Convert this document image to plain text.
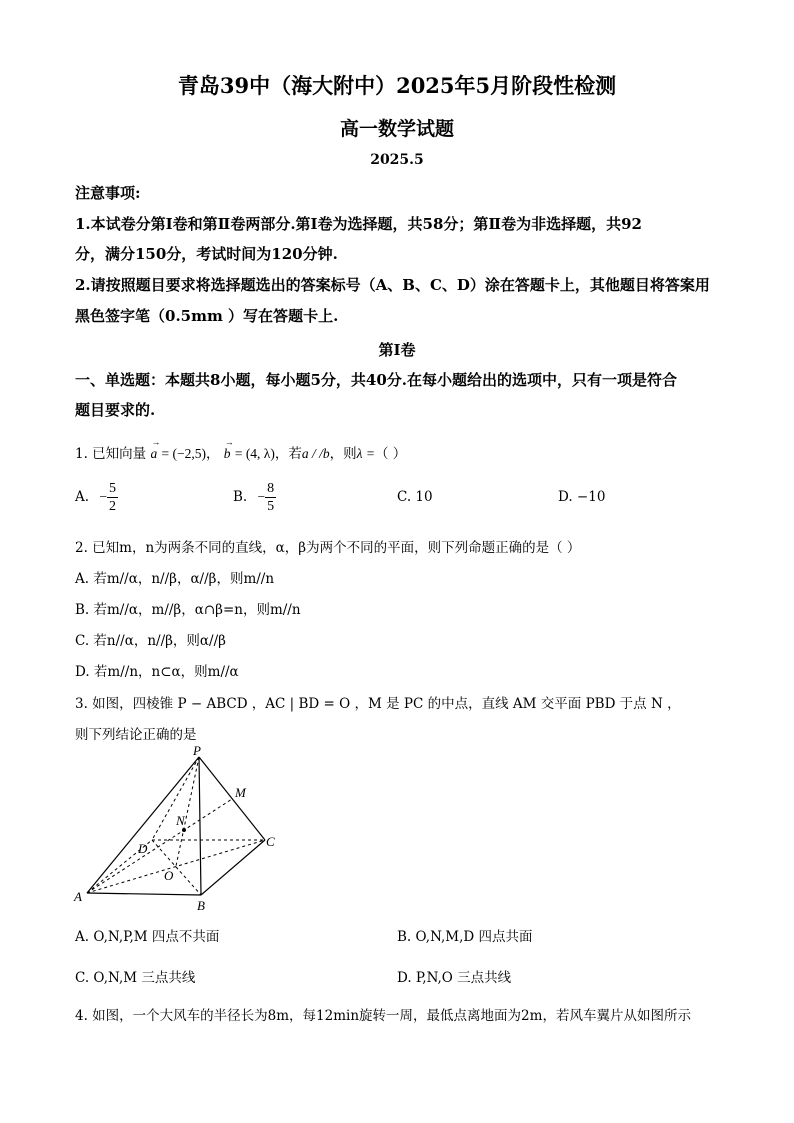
青岛39中（海大附中）2025年5月阶段性检测
高一数学试题
2025.5
注意事项:
1.本试卷分第Ⅰ卷和第Ⅱ卷两部分.第Ⅰ卷为选择题，共58分；第Ⅱ卷为非选择题，共92
分，满分150分，考试时间为120分钟.
2.请按照题目要求将选择题选出的答案标号（A、B、C、D）涂在答题卡上，其他题目将答案用
黑色签字笔（0.5mm ）写在答题卡上.
第Ⅰ卷
一、单选题：本题共8小题，每小题5分，共40分.在每小题给出的选项中，只有一项是符合
题目要求的.
1. 已知向量
→
a = (−2,5)，
→
b = (4, λ)，若a / /b，则λ =（ ）
A. − $\frac{5}{2}$	B. − $\frac{8}{5}$	C. 10	D. −10
2. 已知m，n为两条不同的直线，α，β为两个不同的平面，则下列命题正确的是（ ）
A. 若m//α，n//β，α//β，则m//n
B. 若m//α，m//β，α∩β=n，则m//n
C. 若n//α，n//β，则α//β
D. 若m//n，n⊂α，则m//α
3. 如图，四棱锥 P − ABCD ，AC | BD = O ，M 是 PC 的中点，直线 AM 交平面 PBD 于点 N ，
则下列结论正确的是
P
M
N
D	C
O
A
B
A. O,N,P,M 四点不共面	B. O,N,M,D 四点共面
C. O,N,M 三点共线	D. P,N,O 三点共线
4. 如图，一个大风车的半径长为8m，每12min旋转一周，最低点离地面为2m，若风车翼片从如图所示
